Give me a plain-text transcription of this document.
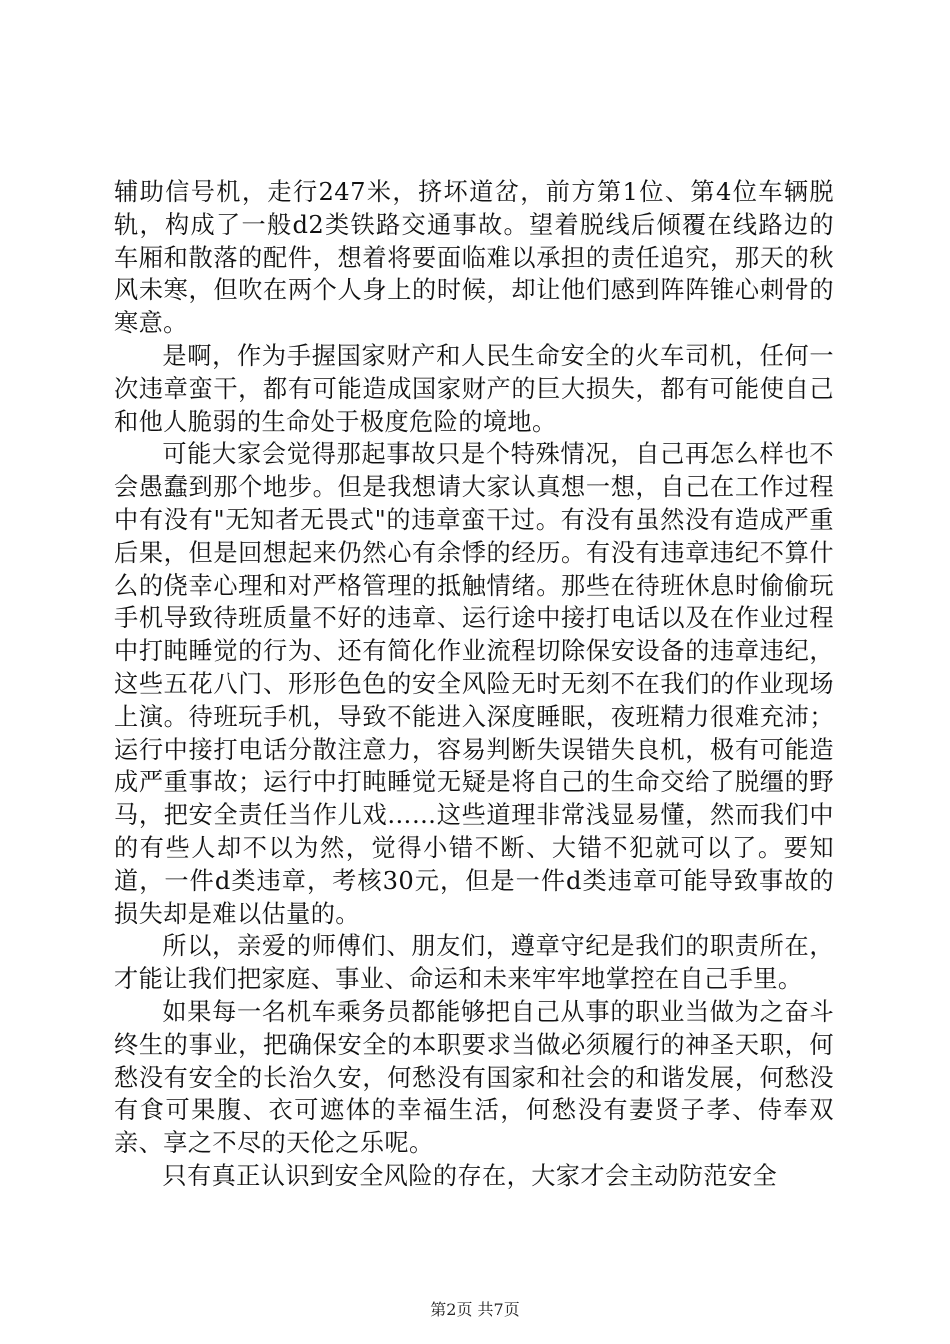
辅助信号机，走行247米，挤坏道岔，前方第1位、第4位车辆脱轨，构成了一般d2类铁路交通事故。望着脱线后倾覆在线路边的车厢和散落的配件，想着将要面临难以承担的责任追究，那天的秋风未寒，但吹在两个人身上的时候，却让他们感到阵阵锥心刺骨的寒意。

是啊，作为手握国家财产和人民生命安全的火车司机，任何一次违章蛮干，都有可能造成国家财产的巨大损失，都有可能使自己和他人脆弱的生命处于极度危险的境地。

可能大家会觉得那起事故只是个特殊情况，自己再怎么样也不会愚蠢到那个地步。但是我想请大家认真想一想，自己在工作过程中有没有"无知者无畏式"的违章蛮干过。有没有虽然没有造成严重后果，但是回想起来仍然心有余悸的经历。有没有违章违纪不算什么的侥幸心理和对严格管理的抵触情绪。那些在待班休息时偷偷玩手机导致待班质量不好的违章、运行途中接打电话以及在作业过程中打盹睡觉的行为、还有简化作业流程切除保安设备的违章违纪，这些五花八门、形形色色的安全风险无时无刻不在我们的作业现场上演。待班玩手机，导致不能进入深度睡眠，夜班精力很难充沛；运行中接打电话分散注意力，容易判断失误错失良机，极有可能造成严重事故；运行中打盹睡觉无疑是将自己的生命交给了脱缰的野马，把安全责任当作儿戏……这些道理非常浅显易懂，然而我们中的有些人却不以为然，觉得小错不断、大错不犯就可以了。要知道，一件d类违章，考核30元，但是一件d类违章可能导致事故的损失却是难以估量的。

所以，亲爱的师傅们、朋友们，遵章守纪是我们的职责所在，才能让我们把家庭、事业、命运和未来牢牢地掌控在自己手里。

如果每一名机车乘务员都能够把自己从事的职业当做为之奋斗终生的事业，把确保安全的本职要求当做必须履行的神圣天职，何愁没有安全的长治久安，何愁没有国家和社会的和谐发展，何愁没有食可果腹、衣可遮体的幸福生活，何愁没有妻贤子孝、侍奉双亲、享之不尽的天伦之乐呢。

只有真正认识到安全风险的存在，大家才会主动防范安全

第2页 共7页
